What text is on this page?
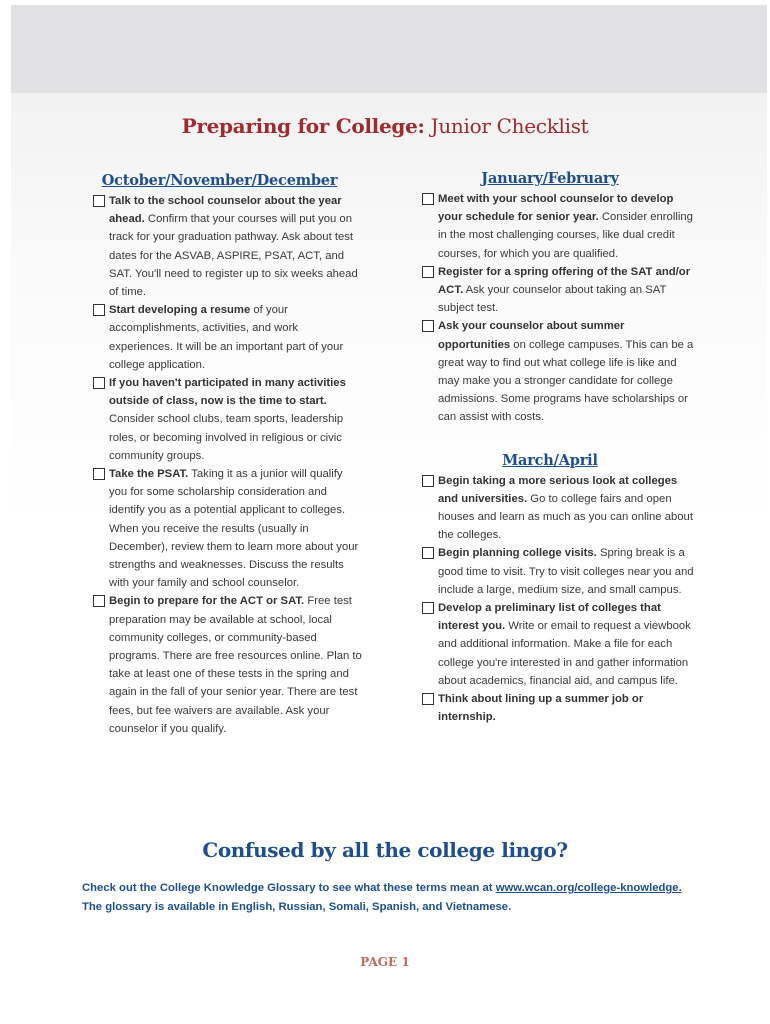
Preparing for College: Junior Checklist
October/November/December
Talk to the school counselor about the year ahead. Confirm that your courses will put you on track for your graduation pathway. Ask about test dates for the ASVAB, ASPIRE, PSAT, ACT, and SAT. You'll need to register up to six weeks ahead of time.
Start developing a resume of your accomplishments, activities, and work experiences. It will be an important part of your college application.
If you haven't participated in many activities outside of class, now is the time to start. Consider school clubs, team sports, leadership roles, or becoming involved in religious or civic community groups.
Take the PSAT. Taking it as a junior will qualify you for some scholarship consideration and identify you as a potential applicant to colleges. When you receive the results (usually in December), review them to learn more about your strengths and weaknesses. Discuss the results with your family and school counselor.
Begin to prepare for the ACT or SAT. Free test preparation may be available at school, local community colleges, or community-based programs. There are free resources online. Plan to take at least one of these tests in the spring and again in the fall of your senior year. There are test fees, but fee waivers are available. Ask your counselor if you qualify.
January/February
Meet with your school counselor to develop your schedule for senior year. Consider enrolling in the most challenging courses, like dual credit courses, for which you are qualified.
Register for a spring offering of the SAT and/or ACT. Ask your counselor about taking an SAT subject test.
Ask your counselor about summer opportunities on college campuses. This can be a great way to find out what college life is like and may make you a stronger candidate for college admissions. Some programs have scholarships or can assist with costs.
March/April
Begin taking a more serious look at colleges and universities. Go to college fairs and open houses and learn as much as you can online about the colleges.
Begin planning college visits. Spring break is a good time to visit. Try to visit colleges near you and include a large, medium size, and small campus.
Develop a preliminary list of colleges that interest you. Write or email to request a viewbook and additional information. Make a file for each college you're interested in and gather information about academics, financial aid, and campus life.
Think about lining up a summer job or internship.
Confused by all the college lingo?

Check out the College Knowledge Glossary to see what these terms mean at www.wcan.org/college-knowledge. The glossary is available in English, Russian, Somali, Spanish, and Vietnamese.

PAGE 1
